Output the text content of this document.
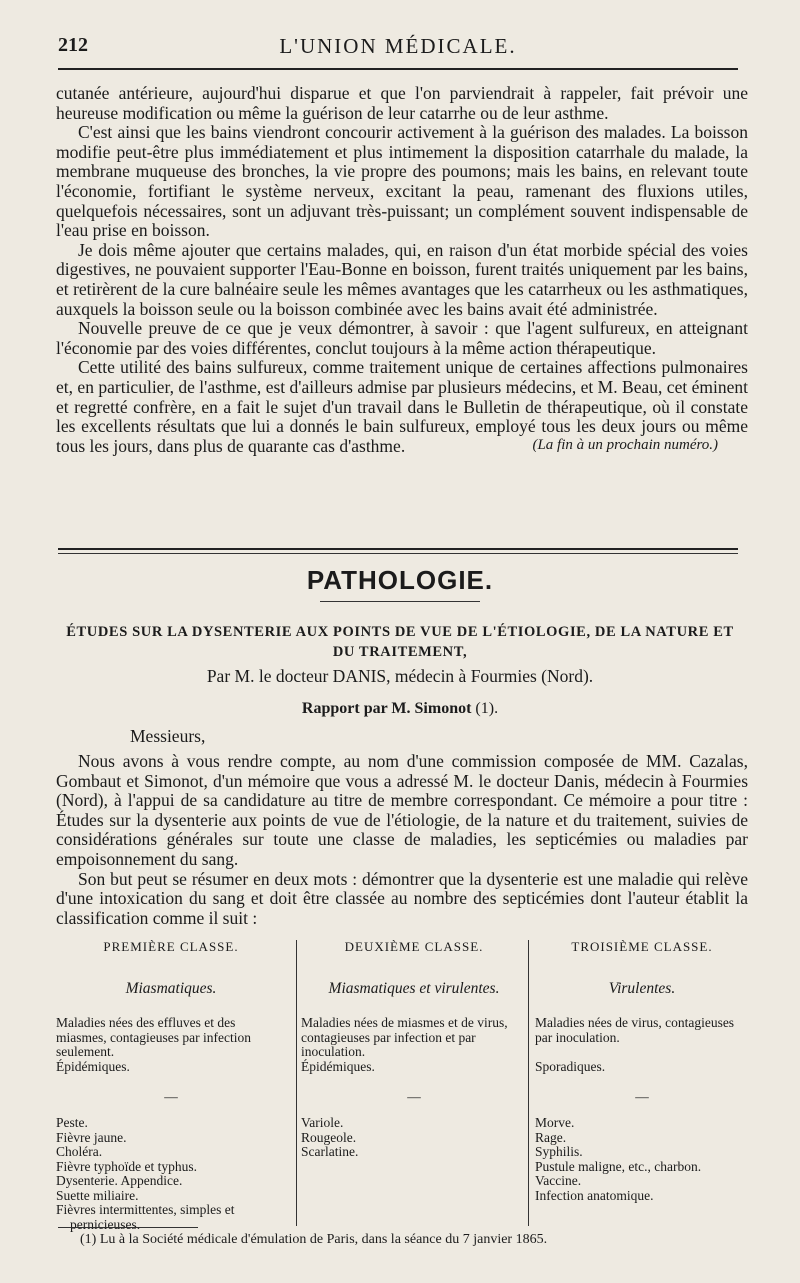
212	L'UNION MÉDICALE.

cutanée antérieure, aujourd'hui disparue et que l'on parviendrait à rappeler, fait prévoir une heureuse modification ou même la guérison de leur catarrhe ou de leur asthme.

C'est ainsi que les bains viendront concourir activement à la guérison des malades. La boisson modifie peut-être plus immédiatement et plus intimement la disposition catarrhale du malade, la membrane muqueuse des bronches, la vie propre des poumons; mais les bains, en relevant toute l'économie, fortifiant le système nerveux, excitant la peau, ramenant des fluxions utiles, quelquefois nécessaires, sont un adjuvant très-puissant; un complément souvent indispensable de l'eau prise en boisson.

Je dois même ajouter que certains malades, qui, en raison d'un état morbide spécial des voies digestives, ne pouvaient supporter l'Eau-Bonne en boisson, furent traités uniquement par les bains, et retirèrent de la cure balnéaire seule les mêmes avantages que les catarrheux ou les asthmatiques, auxquels la boisson seule ou la boisson combinée avec les bains avait été administrée.

Nouvelle preuve de ce que je veux démontrer, à savoir : que l'agent sulfureux, en atteignant l'économie par des voies différentes, conclut toujours à la même action thérapeutique.

Cette utilité des bains sulfureux, comme traitement unique de certaines affections pulmonaires et, en particulier, de l'asthme, est d'ailleurs admise par plusieurs médecins, et M. Beau, cet éminent et regretté confrère, en a fait le sujet d'un travail dans le Bulletin de thérapeutique, où il constate les excellents résultats que lui a donnés le bain sulfureux, employé tous les deux jours ou même tous les jours, dans plus de quarante cas d'asthme.	(La fin à un prochain numéro.)
PATHOLOGIE.
ÉTUDES SUR LA DYSENTERIE AUX POINTS DE VUE DE L'ÉTIOLOGIE, DE LA NATURE ET DU TRAITEMENT,
Par M. le docteur DANIS, médecin à Fourmies (Nord).
Rapport par M. Simonot (1).
Messieurs,

Nous avons à vous rendre compte, au nom d'une commission composée de MM. Cazalas, Gombaut et Simonot, d'un mémoire que vous a adressé M. le docteur Danis, médecin à Fourmies (Nord), à l'appui de sa candidature au titre de membre correspondant. Ce mémoire a pour titre : Études sur la dysenterie aux points de vue de l'étiologie, de la nature et du traitement, suivies de considérations générales sur toute une classe de maladies, les septicémies ou maladies par empoisonnement du sang.

Son but peut se résumer en deux mots : démontrer que la dysenterie est une maladie qui relève d'une intoxication du sang et doit être classée au nombre des septicémies dont l'auteur établit la classification comme il suit :

PREMIÈRE CLASSE.
Miasmatiques.
Maladies nées des effluves et des miasmes, contagieuses par infection seulement.
Épidémiques.
—
Peste.
Fièvre jaune.
Choléra.
Fièvre typhoïde et typhus.
Dysenterie. Appendice.
Suette miliaire.
Fièvres intermittentes, simples et
pernicieuses.
DEUXIÈME CLASSE.
Miasmatiques et virulentes.
Maladies nées de miasmes et de virus, contagieuses par infection et par inoculation.
Épidémiques.
—
Variole.
Rougeole.
Scarlatine.
TROISIÈME CLASSE.
Virulentes.
Maladies nées de virus, contagieuses par inoculation.
Sporadiques.
—
Morve.
Rage.
Syphilis.
Pustule maligne, etc., charbon.
Vaccine.
Infection anatomique.
(1) Lu à la Société médicale d'émulation de Paris, dans la séance du 7 janvier 1865.
